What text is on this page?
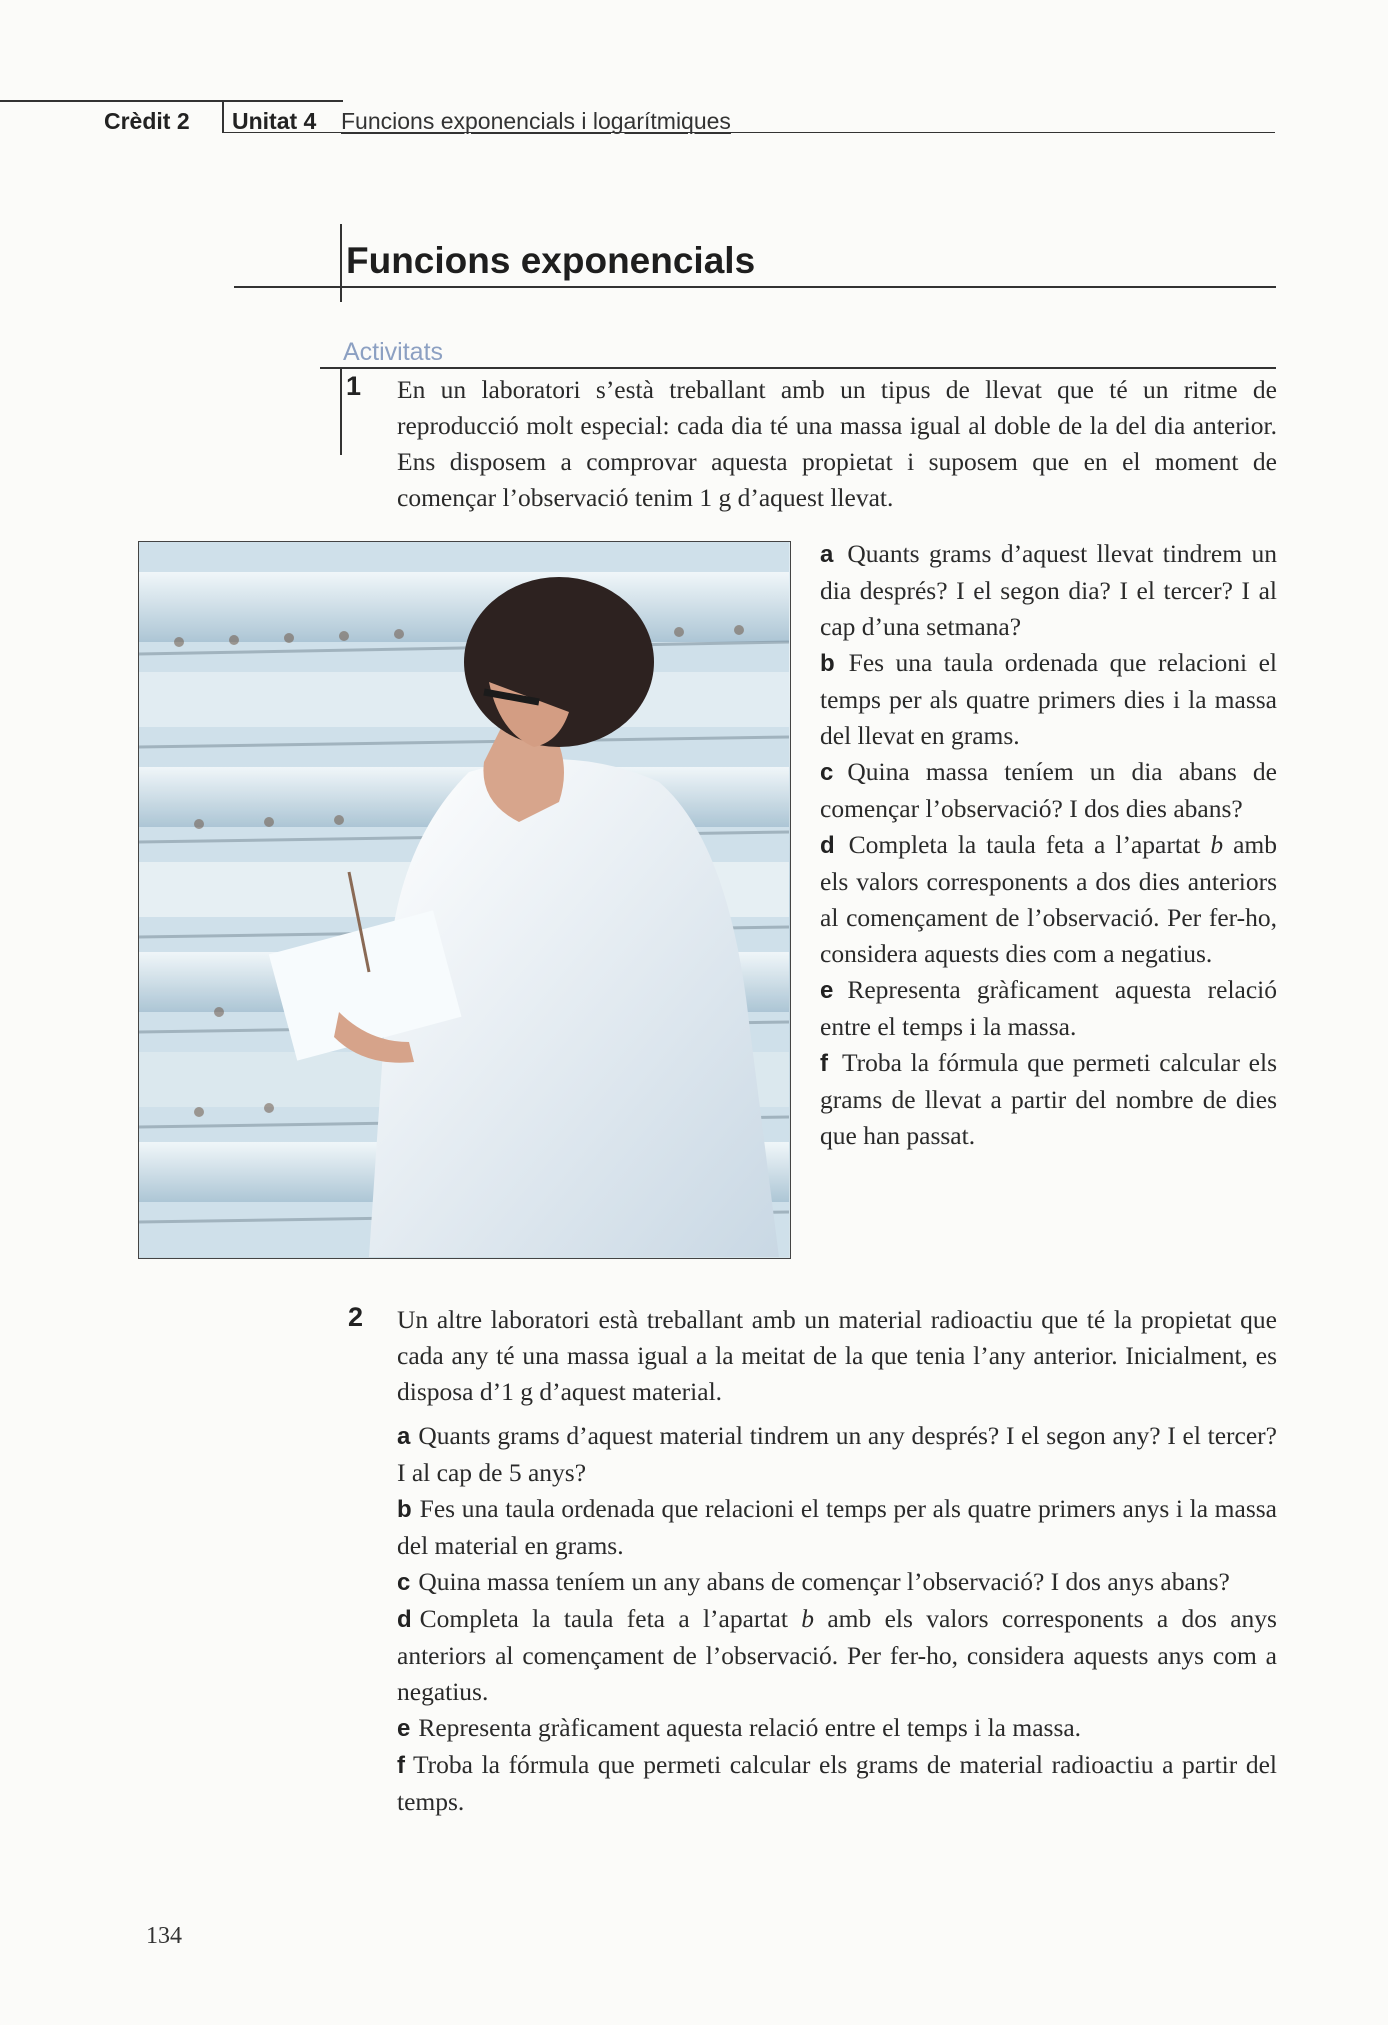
Crèdit 2 Unitat 4 Funcions exponencials i logarítmiques
Funcions exponencials
Activitats
1 En un laboratori s’està treballant amb un tipus de llevat que té un ritme de reproducció molt especial: cada dia té una massa igual al doble de la del dia anterior. Ens disposem a comprovar aquesta propietat i suposem que en el moment de començar l’observació tenim 1 g d’aquest llevat.

a Quants grams d’aquest llevat tindrem un dia després? I el segon dia? I el tercer? I al cap d’una setmana?

b Fes una taula ordenada que relacioni el temps per als quatre primers dies i la massa del llevat en grams.

c Quina massa teníem un dia abans de començar l’observació? I dos dies abans?

d Completa la taula feta a l’apartat b amb els valors corresponents a dos dies anteriors al començament de l’observació. Per fer-ho, considera aquests dies com a negatius.

e Representa gràficament aquesta relació entre el temps i la massa.

f Troba la fórmula que permeti calcular els grams de llevat a partir del nombre de dies que han passat.

2 Un altre laboratori està treballant amb un material radioactiu que té la propietat que cada any té una massa igual a la meitat de la que tenia l’any anterior. Inicialment, es disposa d’1 g d’aquest material.

a Quants grams d’aquest material tindrem un any després? I el segon any? I el tercer? I al cap de 5 anys?

b Fes una taula ordenada que relacioni el temps per als quatre primers anys i la massa del material en grams.

c Quina massa teníem un any abans de començar l’observació? I dos anys abans?

d Completa la taula feta a l’apartat b amb els valors corresponents a dos anys anteriors al començament de l’observació. Per fer-ho, considera aquests anys com a negatius.

e Representa gràficament aquesta relació entre el temps i la massa.

f Troba la fórmula que permeti calcular els grams de material radioactiu a partir del temps.

134
